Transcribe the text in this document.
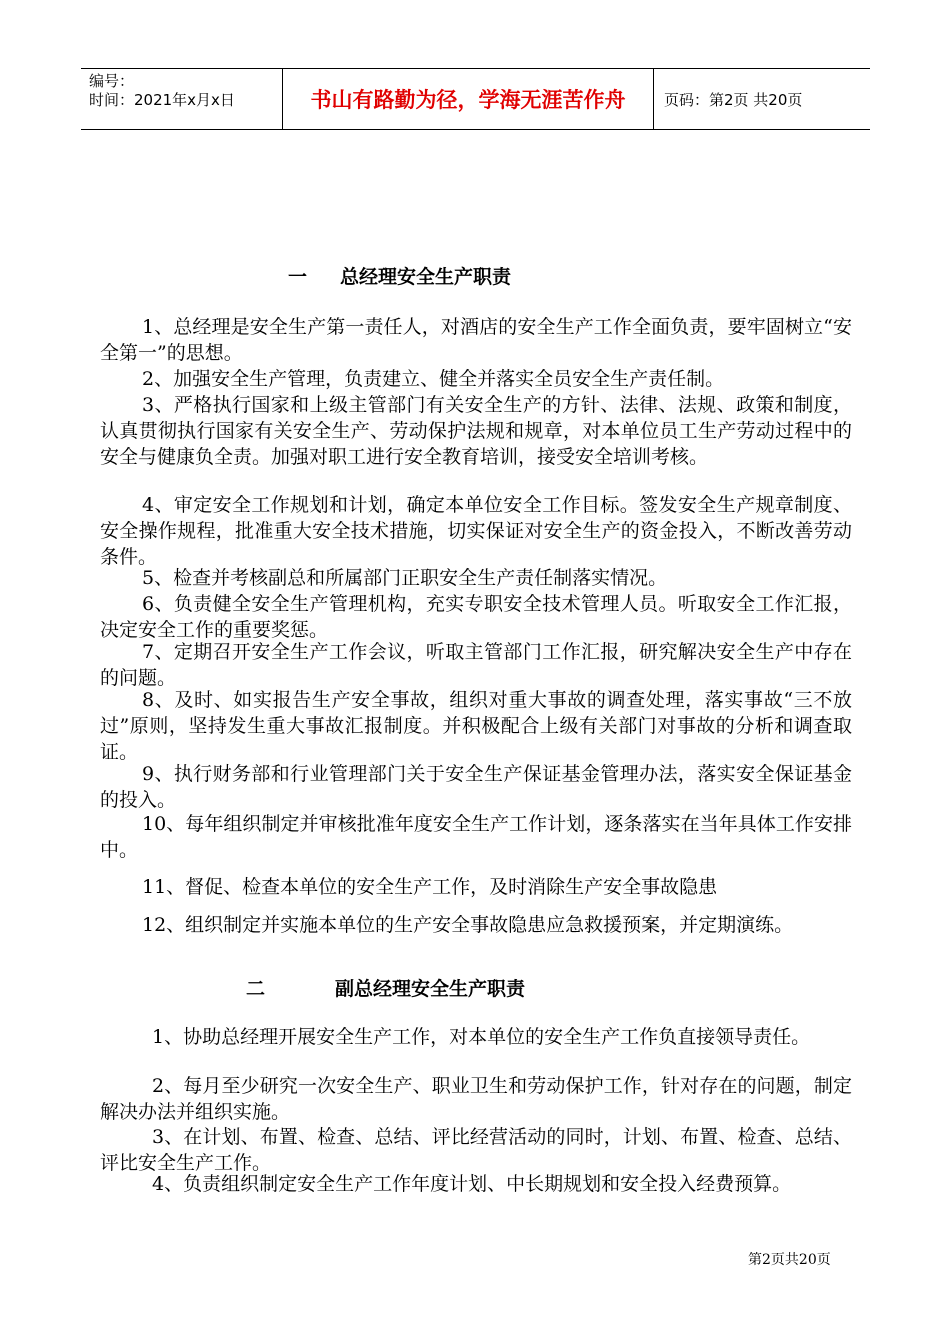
编号：
时间：2021年x月x日	书山有路勤为径，学海无涯苦作舟	页码：第2页 共20页
一 总经理安全生产职责
1、总经理是安全生产第一责任人，对酒店的安全生产工作全面负责，要牢固树立“安全第一”的思想。
2、加强安全生产管理，负责建立、健全并落实全员安全生产责任制。
3、严格执行国家和上级主管部门有关安全生产的方针、法律、法规、政策和制度，认真贯彻执行国家有关安全生产、劳动保护法规和规章，对本单位员工生产劳动过程中的安全与健康负全责。加强对职工进行安全教育培训，接受安全培训考核。
4、审定安全工作规划和计划，确定本单位安全工作目标。签发安全生产规章制度、安全操作规程，批准重大安全技术措施，切实保证对安全生产的资金投入，不断改善劳动条件。
5、检查并考核副总和所属部门正职安全生产责任制落实情况。
6、负责健全安全生产管理机构，充实专职安全技术管理人员。听取安全工作汇报，决定安全工作的重要奖惩。
7、定期召开安全生产工作会议，听取主管部门工作汇报，研究解决安全生产中存在的问题。
8、及时、如实报告生产安全事故，组织对重大事故的调查处理，落实事故“三不放过”原则，坚持发生重大事故汇报制度。并积极配合上级有关部门对事故的分析和调查取证。
9、执行财务部和行业管理部门关于安全生产保证基金管理办法，落实安全保证基金的投入。
10、每年组织制定并审核批准年度安全生产工作计划，逐条落实在当年具体工作安排中。
11、督促、检查本单位的安全生产工作，及时消除生产安全事故隐患
12、组织制定并实施本单位的生产安全事故隐患应急救援预案，并定期演练。
二	副总经理安全生产职责
1、协助总经理开展安全生产工作，对本单位的安全生产工作负直接领导责任。
2、每月至少研究一次安全生产、职业卫生和劳动保护工作，针对存在的问题，制定解决办法并组织实施。
3、在计划、布置、检查、总结、评比经营活动的同时，计划、布置、检查、总结、评比安全生产工作。
4、负责组织制定安全生产工作年度计划、中长期规划和安全投入经费预算。
第2页共20页
